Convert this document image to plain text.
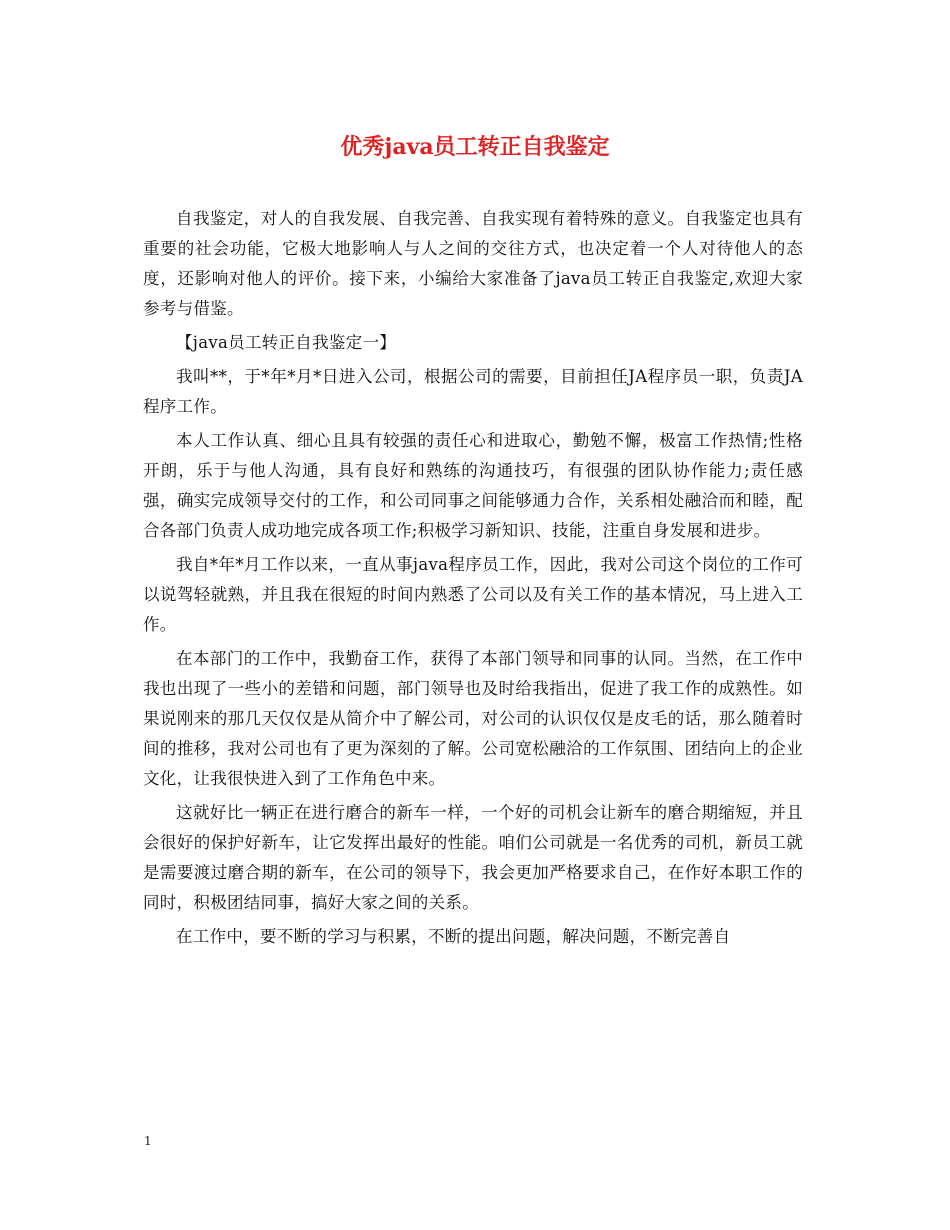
优秀java员工转正自我鉴定

自我鉴定，对人的自我发展、自我完善、自我实现有着特殊的意义。自我鉴定也具有重要的社会功能，它极大地影响人与人之间的交往方式，也决定着一个人对待他人的态度，还影响对他人的评价。接下来，小编给大家准备了java员工转正自我鉴定,欢迎大家参考与借鉴。

【java员工转正自我鉴定一】

我叫**，于*年*月*日进入公司，根据公司的需要，目前担任JA程序员一职，负责JA程序工作。

本人工作认真、细心且具有较强的责任心和进取心，勤勉不懈，极富工作热情;性格开朗，乐于与他人沟通，具有良好和熟练的沟通技巧，有很强的团队协作能力;责任感强，确实完成领导交付的工作，和公司同事之间能够通力合作，关系相处融洽而和睦，配合各部门负责人成功地完成各项工作;积极学习新知识、技能，注重自身发展和进步。

我自*年*月工作以来，一直从事java程序员工作，因此，我对公司这个岗位的工作可以说驾轻就熟，并且我在很短的时间内熟悉了公司以及有关工作的基本情况，马上进入工作。

在本部门的工作中，我勤奋工作，获得了本部门领导和同事的认同。当然，在工作中我也出现了一些小的差错和问题，部门领导也及时给我指出，促进了我工作的成熟性。如果说刚来的那几天仅仅是从简介中了解公司，对公司的认识仅仅是皮毛的话，那么随着时间的推移，我对公司也有了更为深刻的了解。公司宽松融洽的工作氛围、团结向上的企业文化，让我很快进入到了工作角色中来。

这就好比一辆正在进行磨合的新车一样，一个好的司机会让新车的磨合期缩短，并且会很好的保护好新车，让它发挥出最好的性能。咱们公司就是一名优秀的司机，新员工就是需要渡过磨合期的新车，在公司的领导下，我会更加严格要求自己，在作好本职工作的同时，积极团结同事，搞好大家之间的关系。

在工作中，要不断的学习与积累，不断的提出问题，解决问题，不断完善自

1
